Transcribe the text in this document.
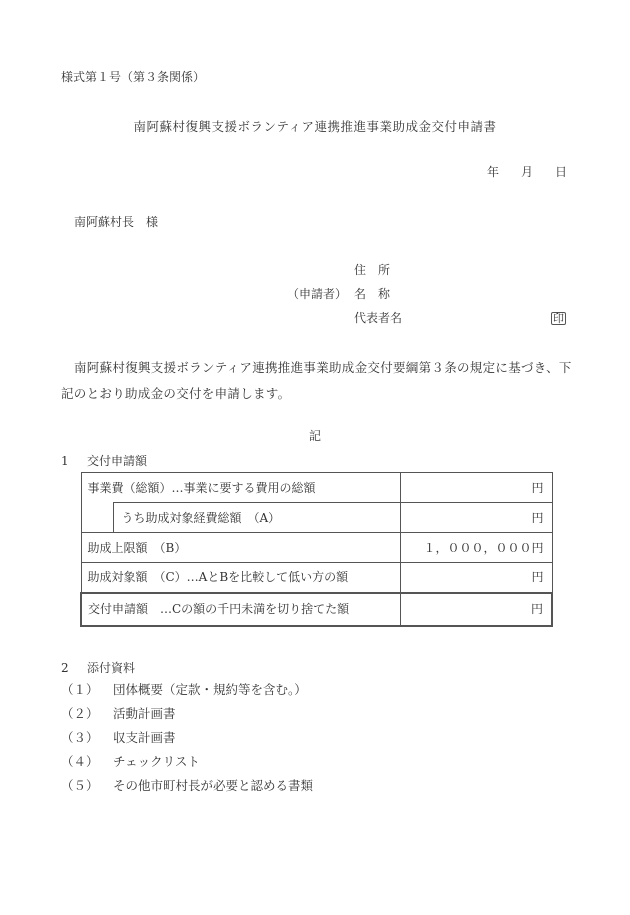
様式第１号（第３条関係）
南阿蘇村復興支援ボランティア連携推進事業助成金交付申請書
年 月 日
南阿蘇村長 様
住 所
（申請者） 名 称
代表者名	印
南阿蘇村復興支援ボランティア連携推進事業助成金交付要綱第３条の規定に基づき、下記のとおり助成金の交付を申請します。
記
1 交付申請額
事業費（総額）…事業に要する費用の総額		円
	うち助成対象経費総額　（A）	円
助成上限額　（B）		１，０００，０００円
助成対象額　（C）…AとBを比較して低い方の額		円
交付申請額　…Cの額の千円未満を切り捨てた額		円
2 添付資料
（１） 団体概要（定款・規約等を含む。）
（２） 活動計画書
（３） 収支計画書
（４） チェックリスト
（５） その他市町村長が必要と認める書類
